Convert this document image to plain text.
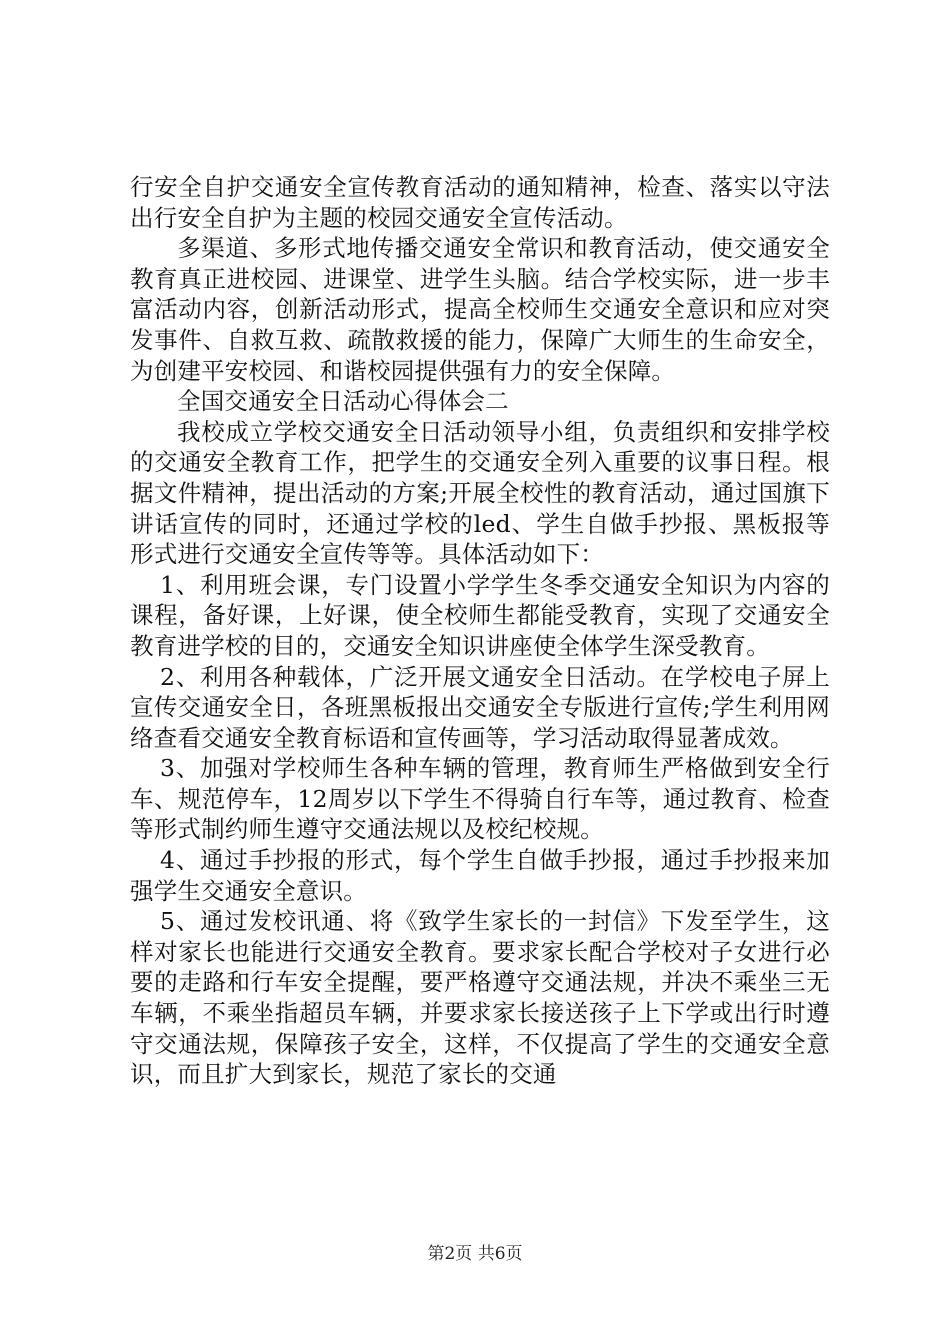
行安全自护交通安全宣传教育活动的通知精神，检查、落实以守法出行安全自护为主题的校园交通安全宣传活动。

多渠道、多形式地传播交通安全常识和教育活动，使交通安全教育真正进校园、进课堂、进学生头脑。结合学校实际，进一步丰富活动内容，创新活动形式，提高全校师生交通安全意识和应对突发事件、自救互救、疏散救援的能力，保障广大师生的生命安全，为创建平安校园、和谐校园提供强有力的安全保障。

全国交通安全日活动心得体会二

我校成立学校交通安全日活动领导小组，负责组织和安排学校的交通安全教育工作，把学生的交通安全列入重要的议事日程。根据文件精神，提出活动的方案;开展全校性的教育活动，通过国旗下讲话宣传的同时，还通过学校的led、学生自做手抄报、黑板报等形式进行交通安全宣传等等。具体活动如下：

1、利用班会课，专门设置小学学生冬季交通安全知识为内容的课程，备好课，上好课，使全校师生都能受教育，实现了交通安全教育进学校的目的，交通安全知识讲座使全体学生深受教育。

2、利用各种载体，广泛开展文通安全日活动。在学校电子屏上宣传交通安全日，各班黑板报出交通安全专版进行宣传;学生利用网络查看交通安全教育标语和宣传画等，学习活动取得显著成效。

3、加强对学校师生各种车辆的管理，教育师生严格做到安全行车、规范停车，12周岁以下学生不得骑自行车等，通过教育、检查等形式制约师生遵守交通法规以及校纪校规。

4、通过手抄报的形式，每个学生自做手抄报，通过手抄报来加强学生交通安全意识。

5、通过发校讯通、将《致学生家长的一封信》下发至学生，这样对家长也能进行交通安全教育。要求家长配合学校对子女进行必要的走路和行车安全提醒，要严格遵守交通法规，并决不乘坐三无车辆，不乘坐指超员车辆，并要求家长接送孩子上下学或出行时遵守交通法规，保障孩子安全，这样，不仅提高了学生的交通安全意识，而且扩大到家长，规范了家长的交通

第2页 共6页
